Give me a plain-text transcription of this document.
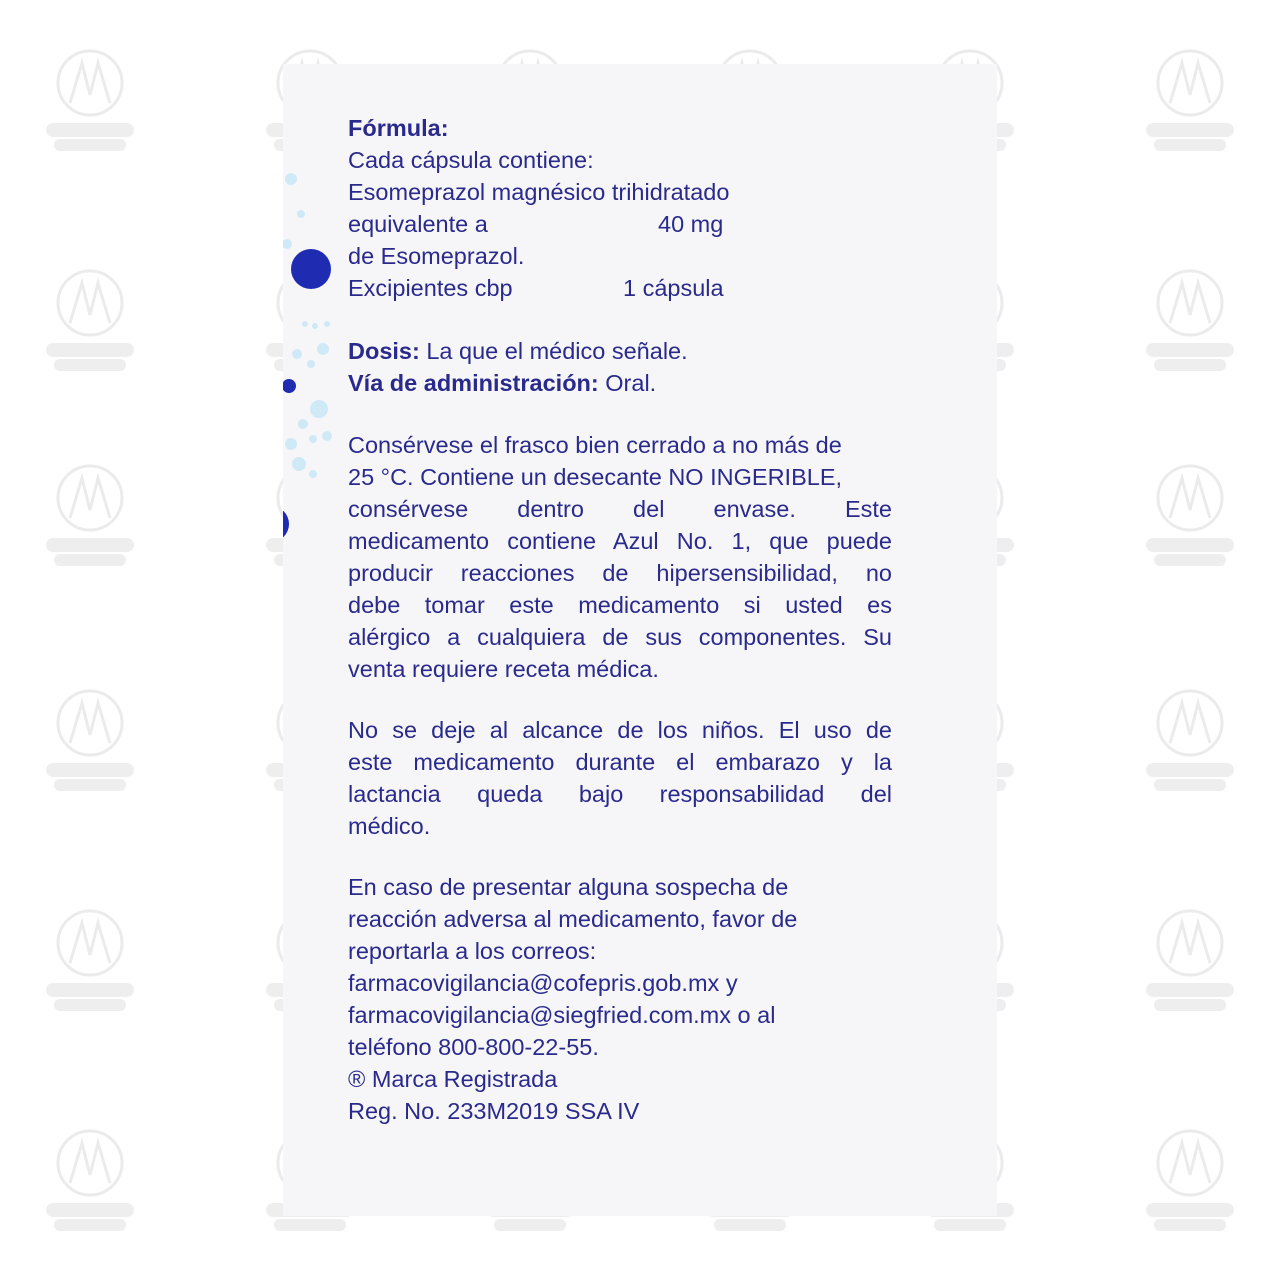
Fórmula:
Cada cápsula contiene:
Esomeprazol magnésico trihidratado
equivalente a	40 mg
de Esomeprazol.
Excipientes cbp	1 cápsula
Dosis: La que el médico señale.
Vía de administración: Oral.
Consérvese el frasco bien cerrado a no más de
25 °C. Contiene un desecante NO INGERIBLE,
consérvese dentro del envase. Este
medicamento contiene Azul No. 1, que puede
producir reacciones de hipersensibilidad, no
debe tomar este medicamento si usted es
alérgico a cualquiera de sus componentes. Su
venta requiere receta médica.
No se deje al alcance de los niños. El uso de
este medicamento durante el embarazo y la
lactancia queda bajo responsabilidad del
médico.
En caso de presentar alguna sospecha de
reacción adversa al medicamento, favor de
reportarla a los correos:
farmacovigilancia@cofepris.gob.mx y
farmacovigilancia@siegfried.com.mx o al
teléfono 800-800-22-55.
® Marca Registrada
Reg. No. 233M2019 SSA IV
